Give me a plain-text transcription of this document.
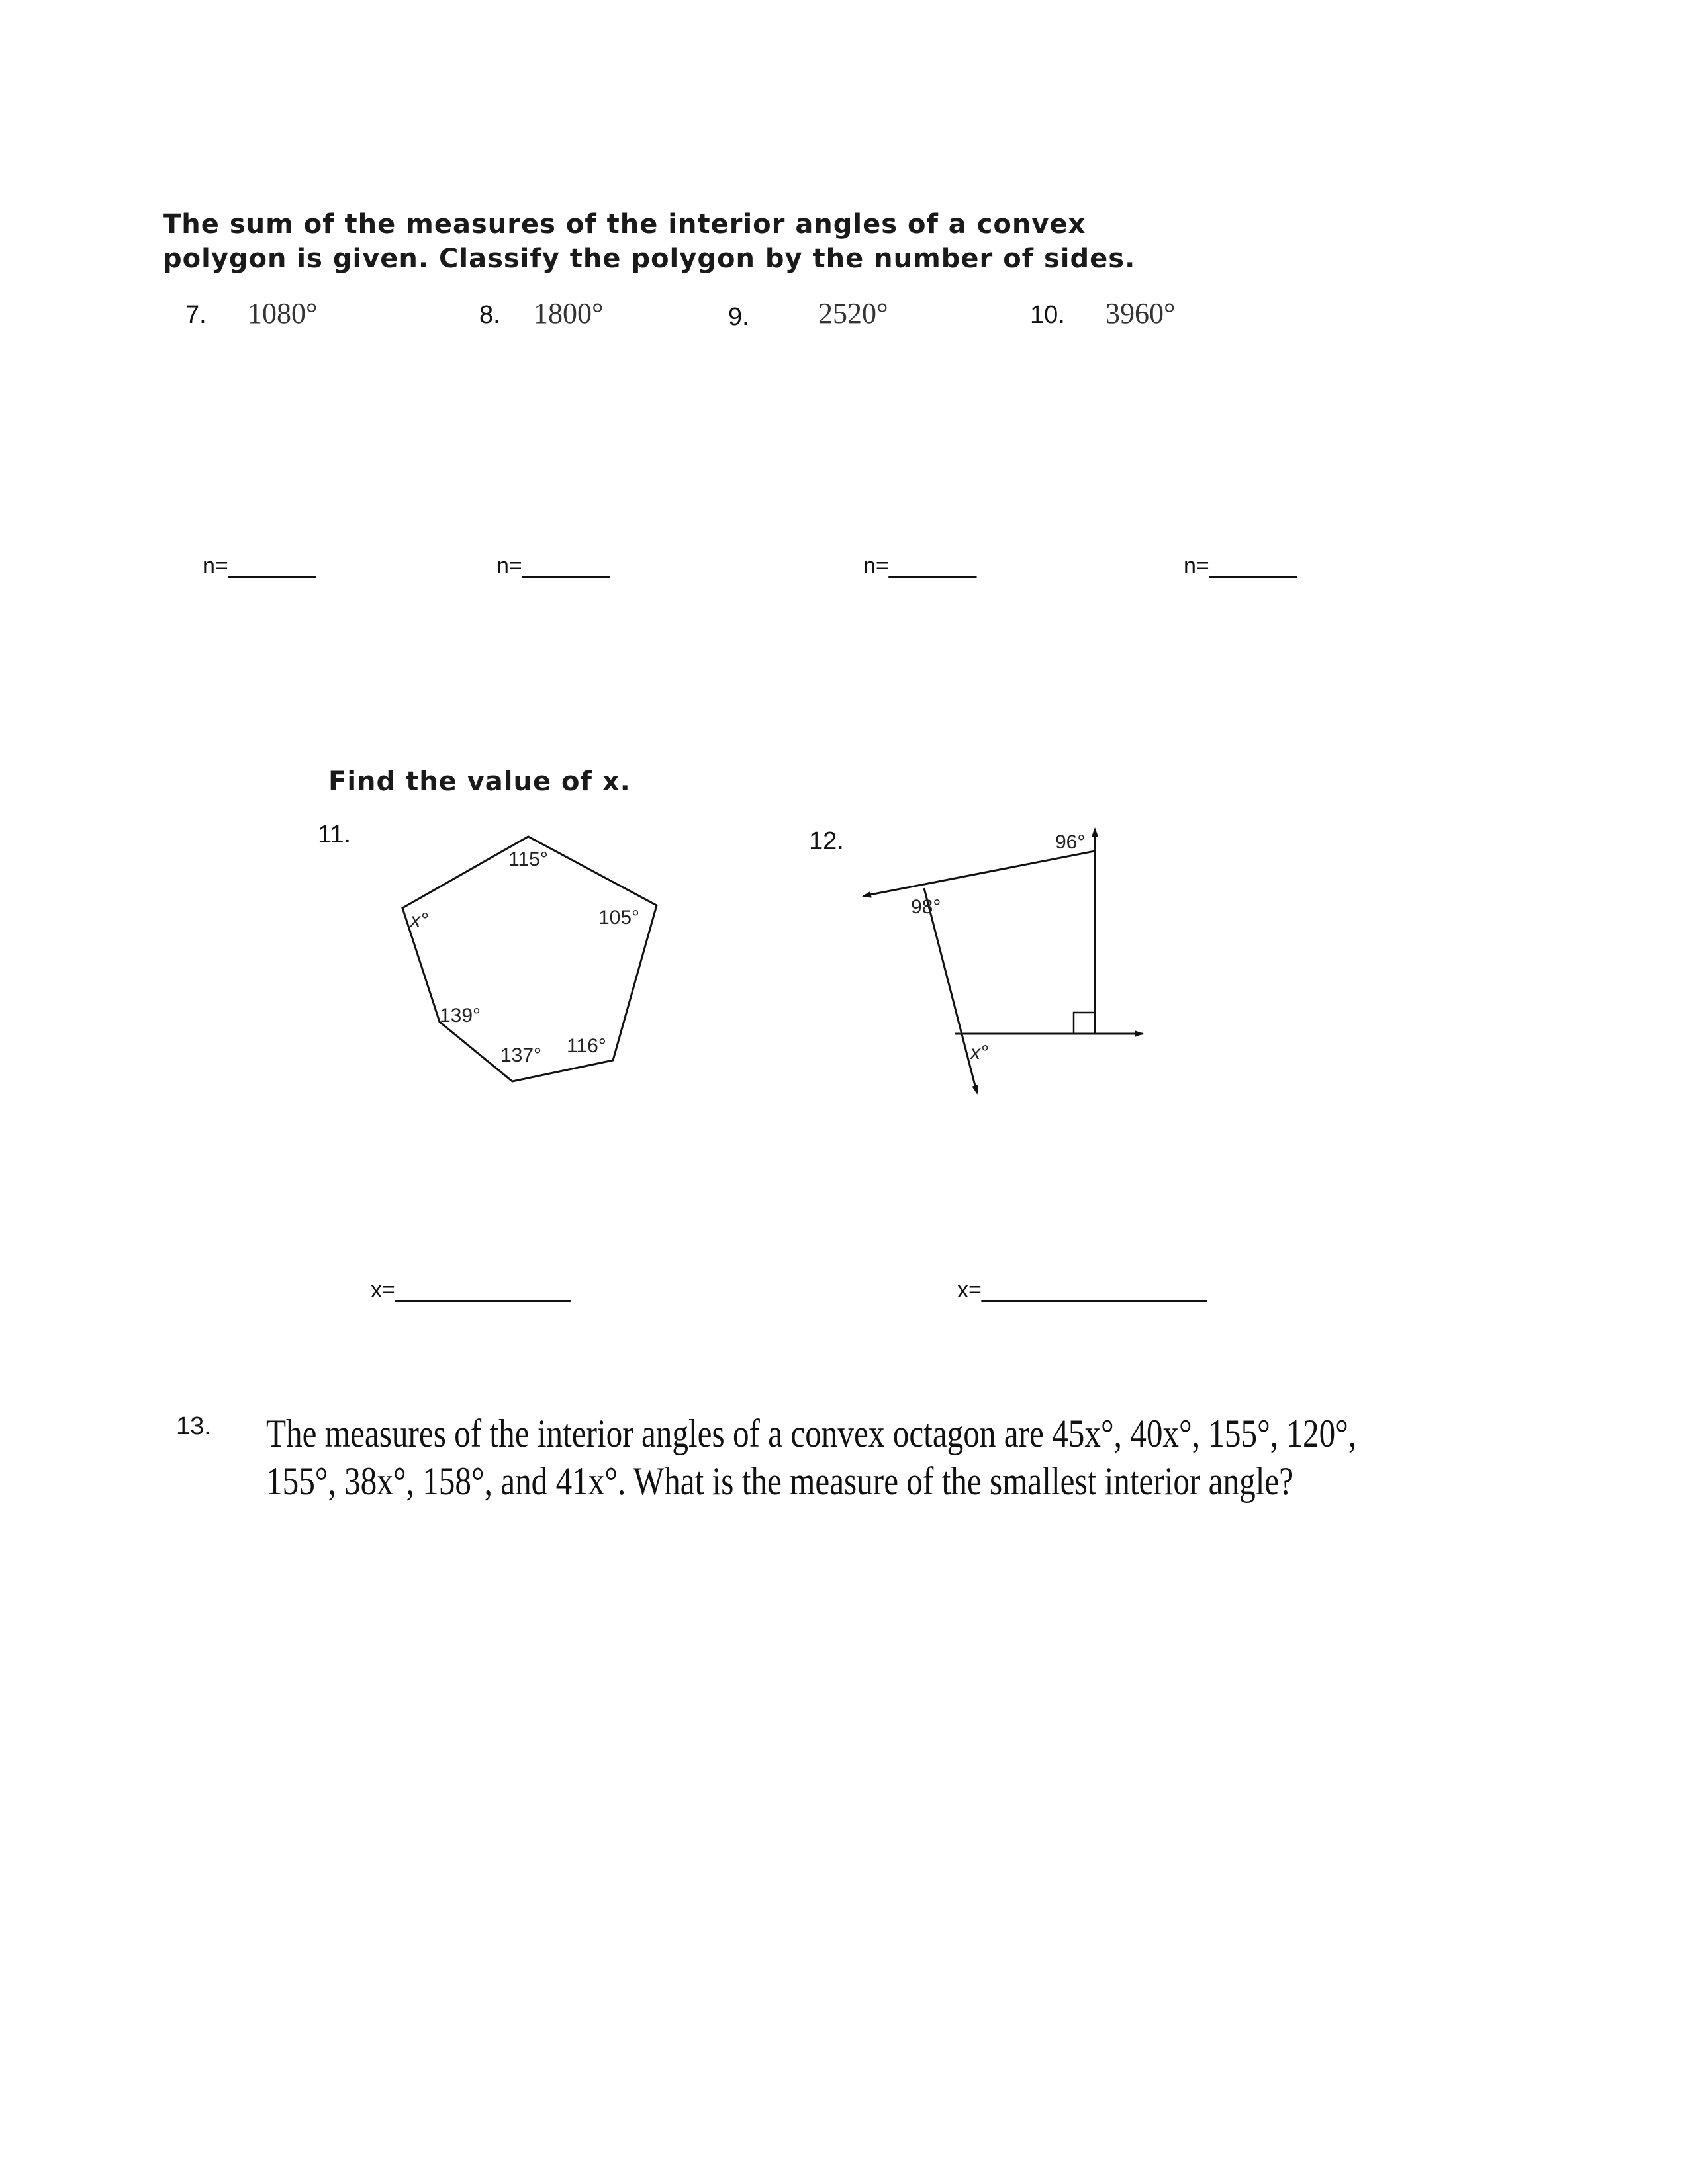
The sum of the measures of the interior angles of a convex
polygon is given. Classify the polygon by the number of sides.
7. 1080°	8. 1800°	9. 2520°	10. 3960°
n=_______	n=_______	n=_______	n=_______
Find the value of x.
11.	12.
x°
115°
105°
116°
137°
139°
96°
98°
x°
x=______________	x=__________________
13. The measures of the interior angles of a convex octagon are 45x°, 40x°, 155°, 120°,
155°, 38x°, 158°, and 41x°. What is the measure of the smallest interior angle?
